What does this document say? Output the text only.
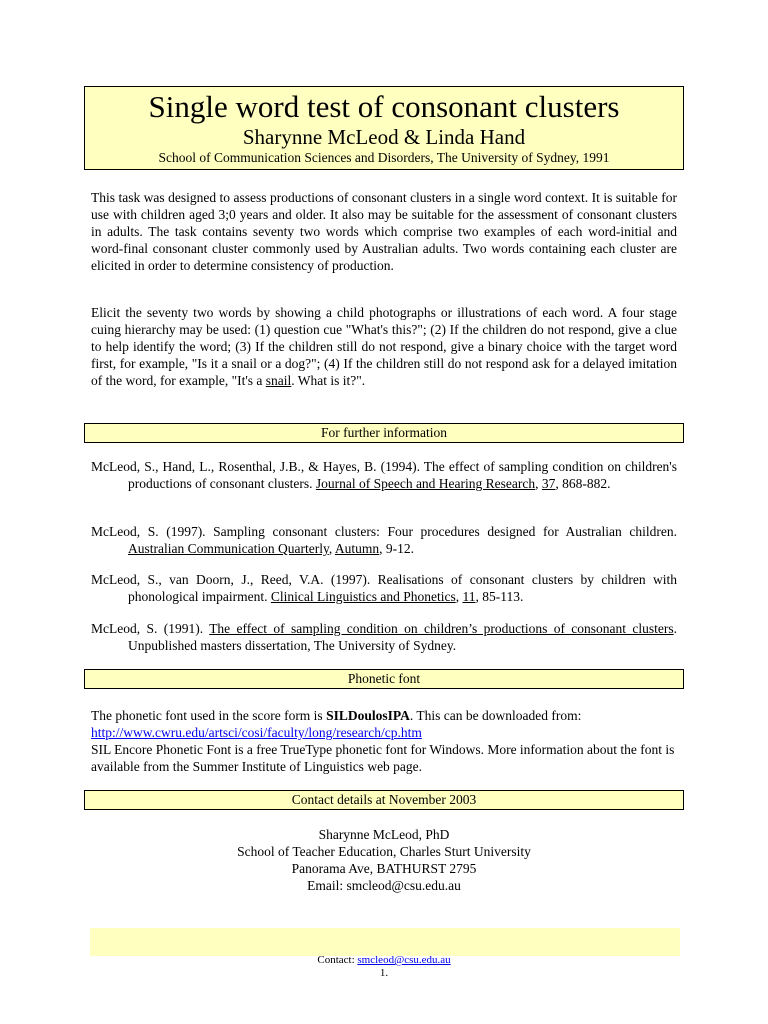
Single word test of consonant clusters
Sharynne McLeod & Linda Hand
School of Communication Sciences and Disorders, The University of Sydney, 1991

This task was designed to assess productions of consonant clusters in a single word context. It is suitable for use with children aged 3;0 years and older. It also may be suitable for the assessment of consonant clusters in adults. The task contains seventy two words which comprise two examples of each word-initial and word-final consonant cluster commonly used by Australian adults. Two words containing each cluster are elicited in order to determine consistency of production.

Elicit the seventy two words by showing a child photographs or illustrations of each word. A four stage cuing hierarchy may be used: (1) question cue "What's this?"; (2) If the children do not respond, give a clue to help identify the word; (3) If the children still do not respond, give a binary choice with the target word first, for example, "Is it a snail or a dog?"; (4) If the children still do not respond ask for a delayed imitation of the word, for example, "It's a snail. What is it?".

For further information

McLeod, S., Hand, L., Rosenthal, J.B., & Hayes, B. (1994). The effect of sampling condition on children's productions of consonant clusters. Journal of Speech and Hearing Research, 37, 868-882.

McLeod, S. (1997). Sampling consonant clusters: Four procedures designed for Australian children. Australian Communication Quarterly, Autumn, 9-12.

McLeod, S., van Doorn, J., Reed, V.A. (1997). Realisations of consonant clusters by children with phonological impairment. Clinical Linguistics and Phonetics, 11, 85-113.

McLeod, S. (1991). The effect of sampling condition on children’s productions of consonant clusters. Unpublished masters dissertation, The University of Sydney.

Phonetic font
The phonetic font used in the score form is SILDoulosIPA. This can be downloaded from:
http://www.cwru.edu/artsci/cosi/faculty/long/research/cp.htm
SIL Encore Phonetic Font is a free TrueType phonetic font for Windows. More information about the font is available from the Summer Institute of Linguistics web page.
Contact details at November 2003
Sharynne McLeod, PhD
School of Teacher Education, Charles Sturt University
Panorama Ave, BATHURST 2795
Email: smcleod@csu.edu.au
Contact: smcleod@csu.edu.au
1.
